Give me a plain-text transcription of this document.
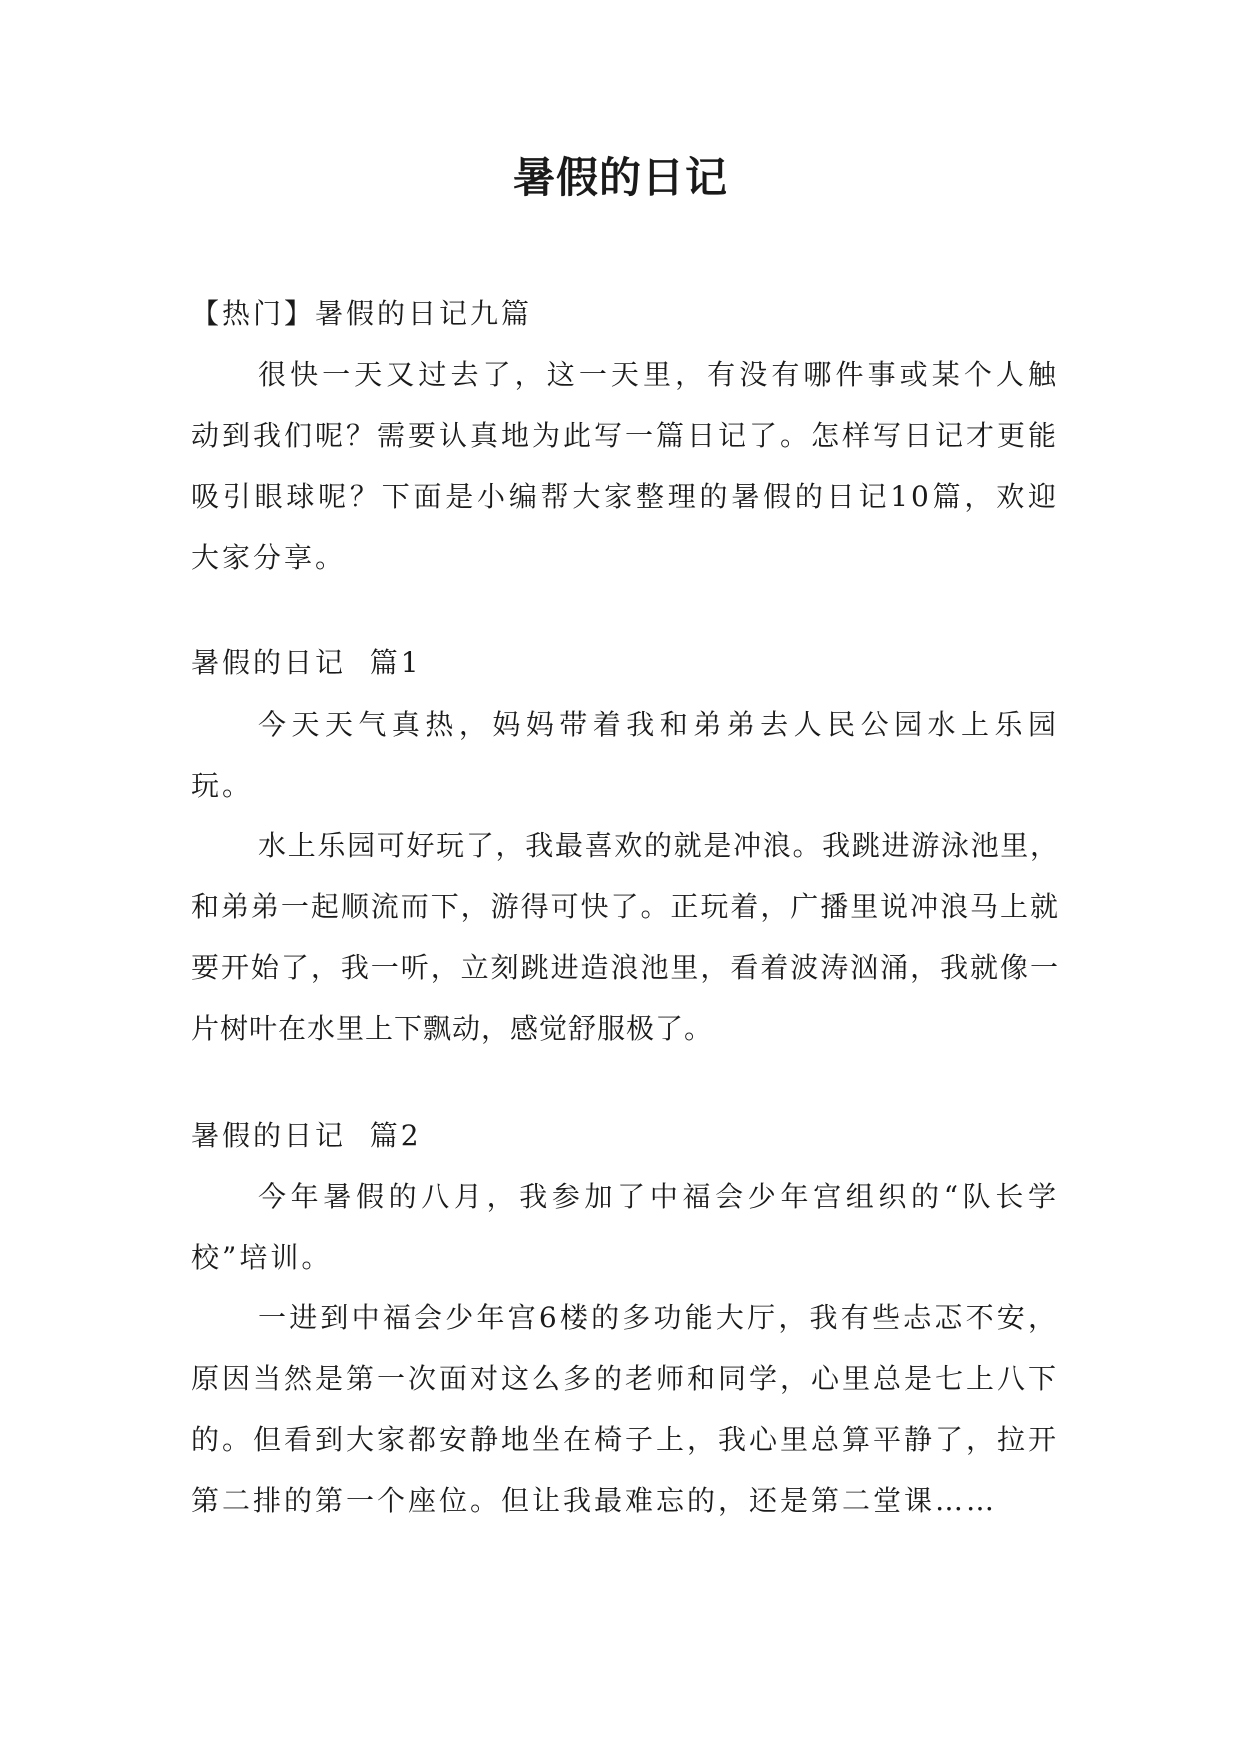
暑假的日记

【热门】暑假的日记九篇

很快一天又过去了，这一天里，有没有哪件事或某个人触动到我们呢？需要认真地为此写一篇日记了。怎样写日记才更能吸引眼球呢？下面是小编帮大家整理的暑假的日记10篇，欢迎大家分享。

暑假的日记  篇1

今天天气真热，妈妈带着我和弟弟去人民公园水上乐园玩。

水上乐园可好玩了，我最喜欢的就是冲浪。我跳进游泳池里，和弟弟一起顺流而下，游得可快了。正玩着，广播里说冲浪马上就要开始了，我一听，立刻跳进造浪池里，看着波涛汹涌，我就像一片树叶在水里上下飘动，感觉舒服极了。

暑假的日记  篇2

今年暑假的八月，我参加了中福会少年宫组织的“队长学校”培训。

一进到中福会少年宫6楼的多功能大厅，我有些忐忑不安，原因当然是第一次面对这么多的老师和同学，心里总是七上八下的。但看到大家都安静地坐在椅子上，我心里总算平静了，拉开第二排的第一个座位。但让我最难忘的，还是第二堂课……
